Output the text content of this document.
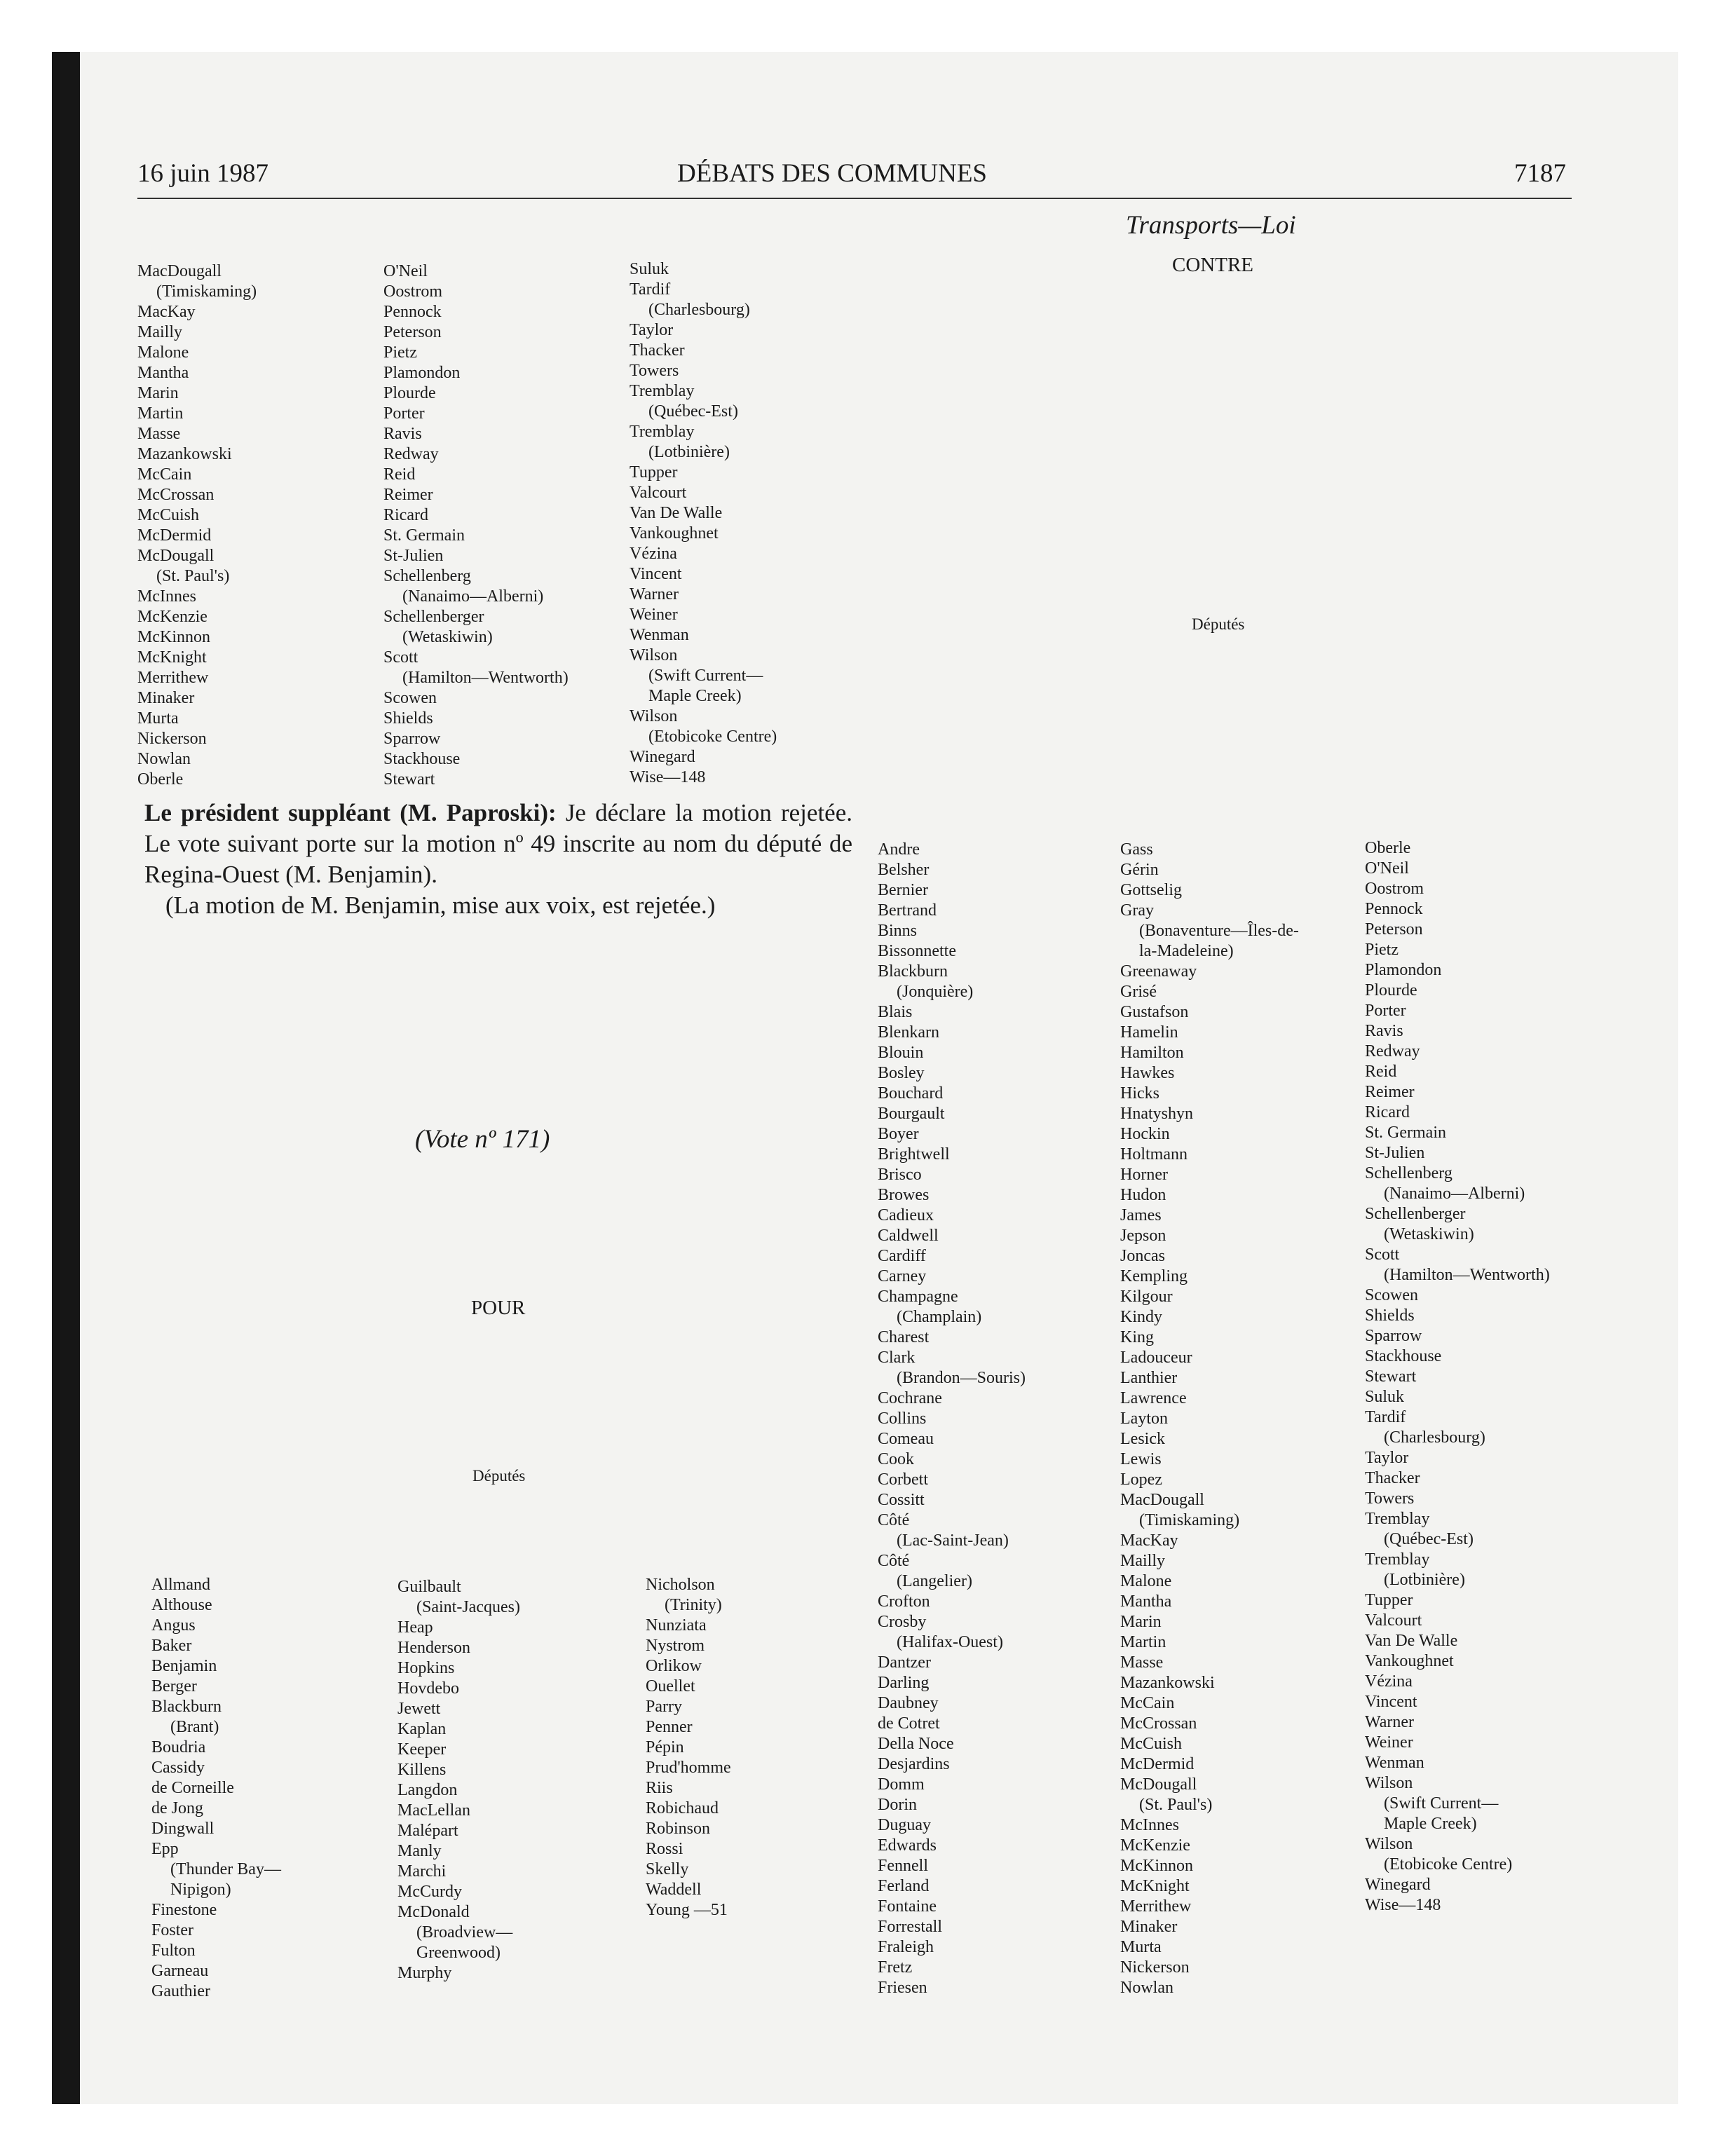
16 juin 1987	DÉBATS DES COMMUNES	7187
Transports—Loi
CONTRE
Députés
MacDougall
(Timiskaming)
MacKay
Mailly
Malone
Mantha
Marin
Martin
Masse
Mazankowski
McCain
McCrossan
McCuish
McDermid
McDougall
(St. Paul's)
McInnes
McKenzie
McKinnon
McKnight
Merrithew
Minaker
Murta
Nickerson
Nowlan
Oberle
O'Neil
Oostrom
Pennock
Peterson
Pietz
Plamondon
Plourde
Porter
Ravis
Redway
Reid
Reimer
Ricard
St. Germain
St-Julien
Schellenberg
(Nanaimo—Alberni)
Schellenberger
(Wetaskiwin)
Scott
(Hamilton—Wentworth)
Scowen
Shields
Sparrow
Stackhouse
Stewart
Suluk
Tardif
(Charlesbourg)
Taylor
Thacker
Towers
Tremblay
(Québec-Est)
Tremblay
(Lotbinière)
Tupper
Valcourt
Van De Walle
Vankoughnet
Vézina
Vincent
Warner
Weiner
Wenman
Wilson
(Swift Current—
Maple Creek)
Wilson
(Etobicoke Centre)
Winegard
Wise—148

Le président suppléant (M. Paproski): Je déclare la motion rejetée. Le vote suivant porte sur la motion nº 49 inscrite au nom du député de Regina-Ouest (M. Benjamin).

(La motion de M. Benjamin, mise aux voix, est rejetée.)

(Vote nº 171)
POUR
Députés
Allmand
Althouse
Angus
Baker
Benjamin
Berger
Blackburn
(Brant)
Boudria
Cassidy
de Corneille
de Jong
Dingwall
Epp
(Thunder Bay—
Nipigon)
Finestone
Foster
Fulton
Garneau
Gauthier
Guilbault
(Saint-Jacques)
Heap
Henderson
Hopkins
Hovdebo
Jewett
Kaplan
Keeper
Killens
Langdon
MacLellan
Malépart
Manly
Marchi
McCurdy
McDonald
(Broadview—
Greenwood)
Murphy
Nicholson
(Trinity)
Nunziata
Nystrom
Orlikow
Ouellet
Parry
Penner
Pépin
Prud'homme
Riis
Robichaud
Robinson
Rossi
Skelly
Waddell
Young —51
Andre
Belsher
Bernier
Bertrand
Binns
Bissonnette
Blackburn
(Jonquière)
Blais
Blenkarn
Blouin
Bosley
Bouchard
Bourgault
Boyer
Brightwell
Brisco
Browes
Cadieux
Caldwell
Cardiff
Carney
Champagne
(Champlain)
Charest
Clark
(Brandon—Souris)
Cochrane
Collins
Comeau
Cook
Corbett
Cossitt
Côté
(Lac-Saint-Jean)
Côté
(Langelier)
Crofton
Crosby
(Halifax-Ouest)
Dantzer
Darling
Daubney
de Cotret
Della Noce
Desjardins
Domm
Dorin
Duguay
Edwards
Fennell
Ferland
Fontaine
Forrestall
Fraleigh
Fretz
Friesen
Gass
Gérin
Gottselig
Gray
(Bonaventure—Îles-de-
la-Madeleine)
Greenaway
Grisé
Gustafson
Hamelin
Hamilton
Hawkes
Hicks
Hnatyshyn
Hockin
Holtmann
Horner
Hudon
James
Jepson
Joncas
Kempling
Kilgour
Kindy
King
Ladouceur
Lanthier
Lawrence
Layton
Lesick
Lewis
Lopez
MacDougall
(Timiskaming)
MacKay
Mailly
Malone
Mantha
Marin
Martin
Masse
Mazankowski
McCain
McCrossan
McCuish
McDermid
McDougall
(St. Paul's)
McInnes
McKenzie
McKinnon
McKnight
Merrithew
Minaker
Murta
Nickerson
Nowlan
Oberle
O'Neil
Oostrom
Pennock
Peterson
Pietz
Plamondon
Plourde
Porter
Ravis
Redway
Reid
Reimer
Ricard
St. Germain
St-Julien
Schellenberg
(Nanaimo—Alberni)
Schellenberger
(Wetaskiwin)
Scott
(Hamilton—Wentworth)
Scowen
Shields
Sparrow
Stackhouse
Stewart
Suluk
Tardif
(Charlesbourg)
Taylor
Thacker
Towers
Tremblay
(Québec-Est)
Tremblay
(Lotbinière)
Tupper
Valcourt
Van De Walle
Vankoughnet
Vézina
Vincent
Warner
Weiner
Wenman
Wilson
(Swift Current—
Maple Creek)
Wilson
(Etobicoke Centre)
Winegard
Wise—148
